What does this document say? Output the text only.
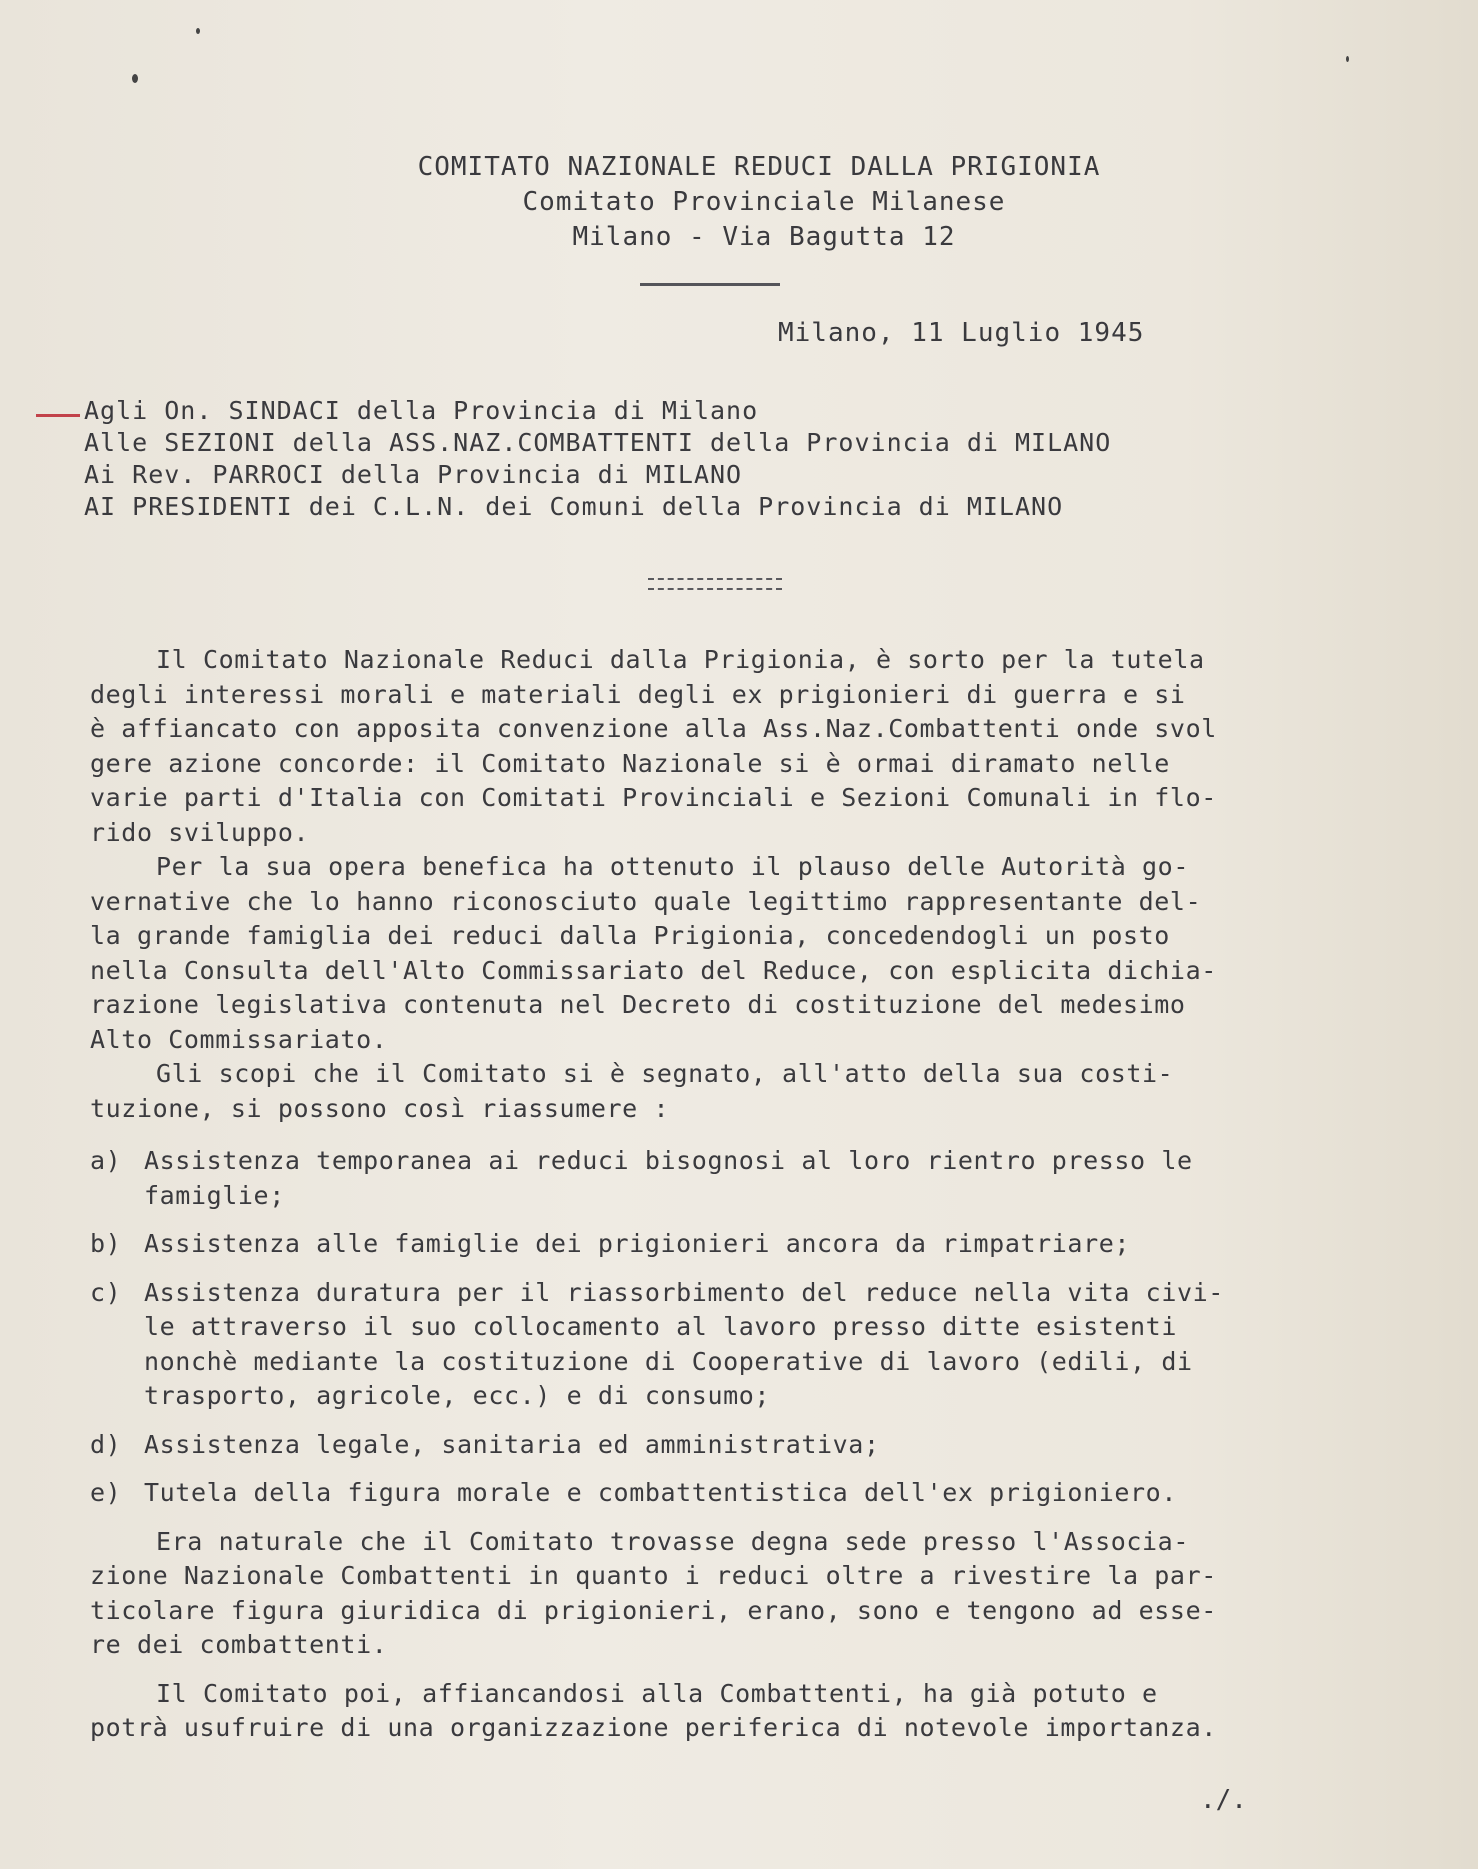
COMITATO NAZIONALE REDUCI DALLA PRIGIONIA
Comitato Provinciale Milanese
Milano - Via Bagutta 12
Milano, 11 Luglio 1945
Agli On. SINDACI della Provincia di Milano
Alle SEZIONI della ASS.NAZ.COMBATTENTI della Provincia di MILANO
Ai Rev. PARROCI della Provincia di MILANO
AI PRESIDENTI dei C.L.N. dei Comuni della Provincia di MILANO
Il Comitato Nazionale Reduci dalla Prigionia, è sorto per la tutela
degli interessi morali e materiali degli ex prigionieri di guerra e si
è affiancato con apposita convenzione alla Ass.Naz.Combattenti onde svol
gere azione concorde: il Comitato Nazionale si è ormai diramato nelle
varie parti d'Italia con Comitati Provinciali e Sezioni Comunali in flo-
rido sviluppo.
Per la sua opera benefica ha ottenuto il plauso delle Autorità go-
vernative che lo hanno riconosciuto quale legittimo rappresentante del-
la grande famiglia dei reduci dalla Prigionia, concedendogli un posto
nella Consulta dell'Alto Commissariato del Reduce, con esplicita dichia-
razione legislativa contenuta nel Decreto di costituzione del medesimo
Alto Commissariato.
Gli scopi che il Comitato si è segnato, all'atto della sua costi-
tuzione, si possono così riassumere :
a) Assistenza temporanea ai reduci bisognosi al loro rientro presso le
famiglie;
b) Assistenza alle famiglie dei prigionieri ancora da rimpatriare;
c) Assistenza duratura per il riassorbimento del reduce nella vita civi-
le attraverso il suo collocamento al lavoro presso ditte esistenti
nonchè mediante la costituzione di Cooperative di lavoro (edili, di
trasporto, agricole, ecc.) e di consumo;
d) Assistenza legale, sanitaria ed amministrativa;
e) Tutela della figura morale e combattentistica dell'ex prigioniero.
Era naturale che il Comitato trovasse degna sede presso l'Associa-
zione Nazionale Combattenti in quanto i reduci oltre a rivestire la par-
ticolare figura giuridica di prigionieri, erano, sono e tengono ad esse-
re dei combattenti.
Il Comitato poi, affiancandosi alla Combattenti, ha già potuto e
potrà usufruire di una organizzazione periferica di notevole importanza.
./.
